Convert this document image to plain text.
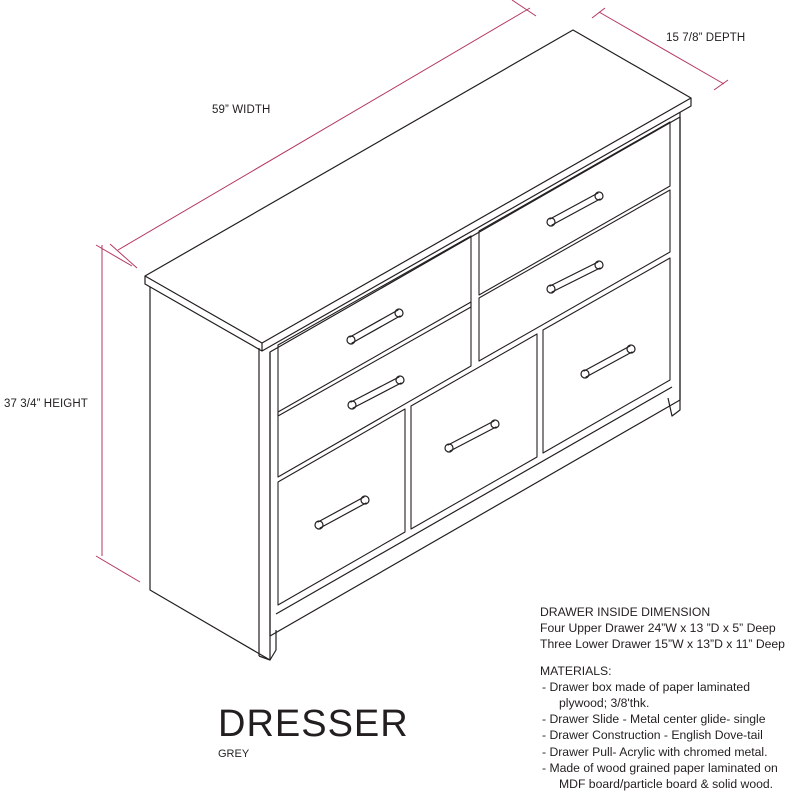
59” WIDTH
15 7/8” DEPTH
37 3/4” HEIGHT
DRESSER
GREY
DRAWER INSIDE DIMENSION
Four Upper Drawer 24”W x 13 ”D x 5” Deep
Three Lower Drawer 15”W x 13”D x 11” Deep
MATERIALS:
- Drawer box made of paper laminated
plywood; 3/8'thk.
- Drawer Slide - Metal center glide- single
- Drawer Construction - English Dove-tail
- Drawer Pull- Acrylic with chromed metal.
- Made of wood grained paper laminated on
MDF board/particle board & solid wood.
